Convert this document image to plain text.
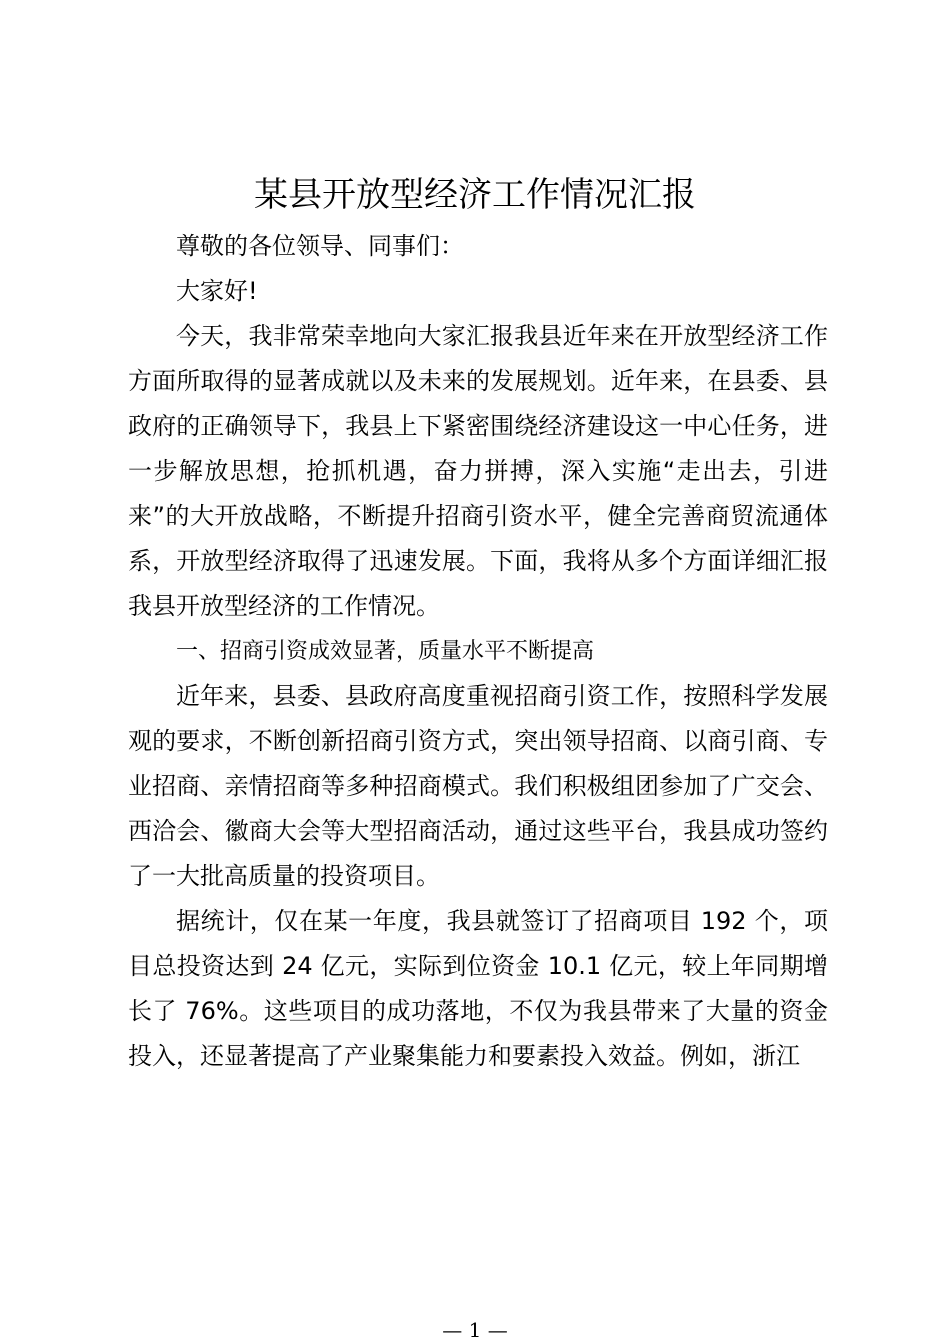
某县开放型经济工作情况汇报

尊敬的各位领导、同事们：

大家好!

今天，我非常荣幸地向大家汇报我县近年来在开放型经济工作方面所取得的显著成就以及未来的发展规划。近年来，在县委、县政府的正确领导下，我县上下紧密围绕经济建设这一中心任务，进一步解放思想，抢抓机遇，奋力拼搏，深入实施“走出去，引进来”的大开放战略，不断提升招商引资水平，健全完善商贸流通体系，开放型经济取得了迅速发展。下面，我将从多个方面详细汇报我县开放型经济的工作情况。

一、招商引资成效显著，质量水平不断提高

近年来，县委、县政府高度重视招商引资工作，按照科学发展观的要求，不断创新招商引资方式，突出领导招商、以商引商、专业招商、亲情招商等多种招商模式。我们积极组团参加了广交会、西洽会、徽商大会等大型招商活动，通过这些平台，我县成功签约了一大批高质量的投资项目。

据统计，仅在某一年度，我县就签订了招商项目 192 个，项目总投资达到 24 亿元，实际到位资金 10.1 亿元，较上年同期增长了 76%。这些项目的成功落地，不仅为我县带来了大量的资金投入，还显著提高了产业聚集能力和要素投入效益。例如，浙江

— 1 —
